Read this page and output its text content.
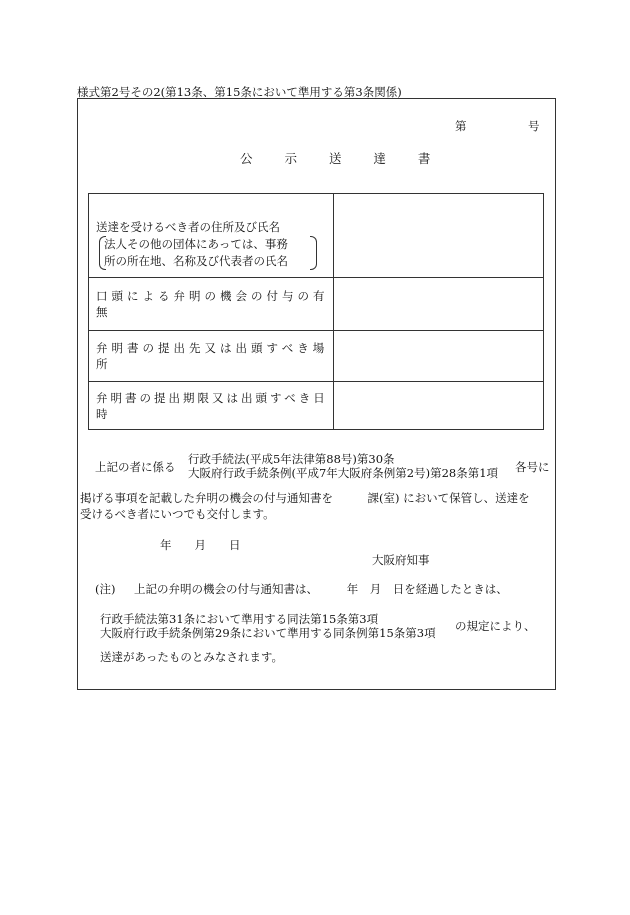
様式第2号その2(第13条、第15条において準用する第3条関係)
第	号
公 示 送 達 書
送達を受けるべき者の住所及び氏名
法人その他の団体にあっては、事務
所の所在地、名称及び代表者の氏名	

口頭による弁明の機会の付与の有無	
弁明書の提出先又は出頭すべき場所	
弁明書の提出期限又は出頭すべき日時	
上記の者に係る
行政手続法(平成5年法律第88号)第30条
大阪府行政手続条例(平成7年大阪府条例第2号)第28条第1項 各号に
掲げる事項を記載した弁明の機会の付与通知書を　　　課(室) において保管し、送達を
受けるべき者にいつでも交付します。
年　　月　　日
大阪府知事
(注) 上記の弁明の機会の付与通知書は、　　　年　月　日を経過したときは、
行政手続法第31条において準用する同法第15条第3項
大阪府行政手続条例第29条において準用する同条例第15条第3項 の規定により、
送達があったものとみなされます。
